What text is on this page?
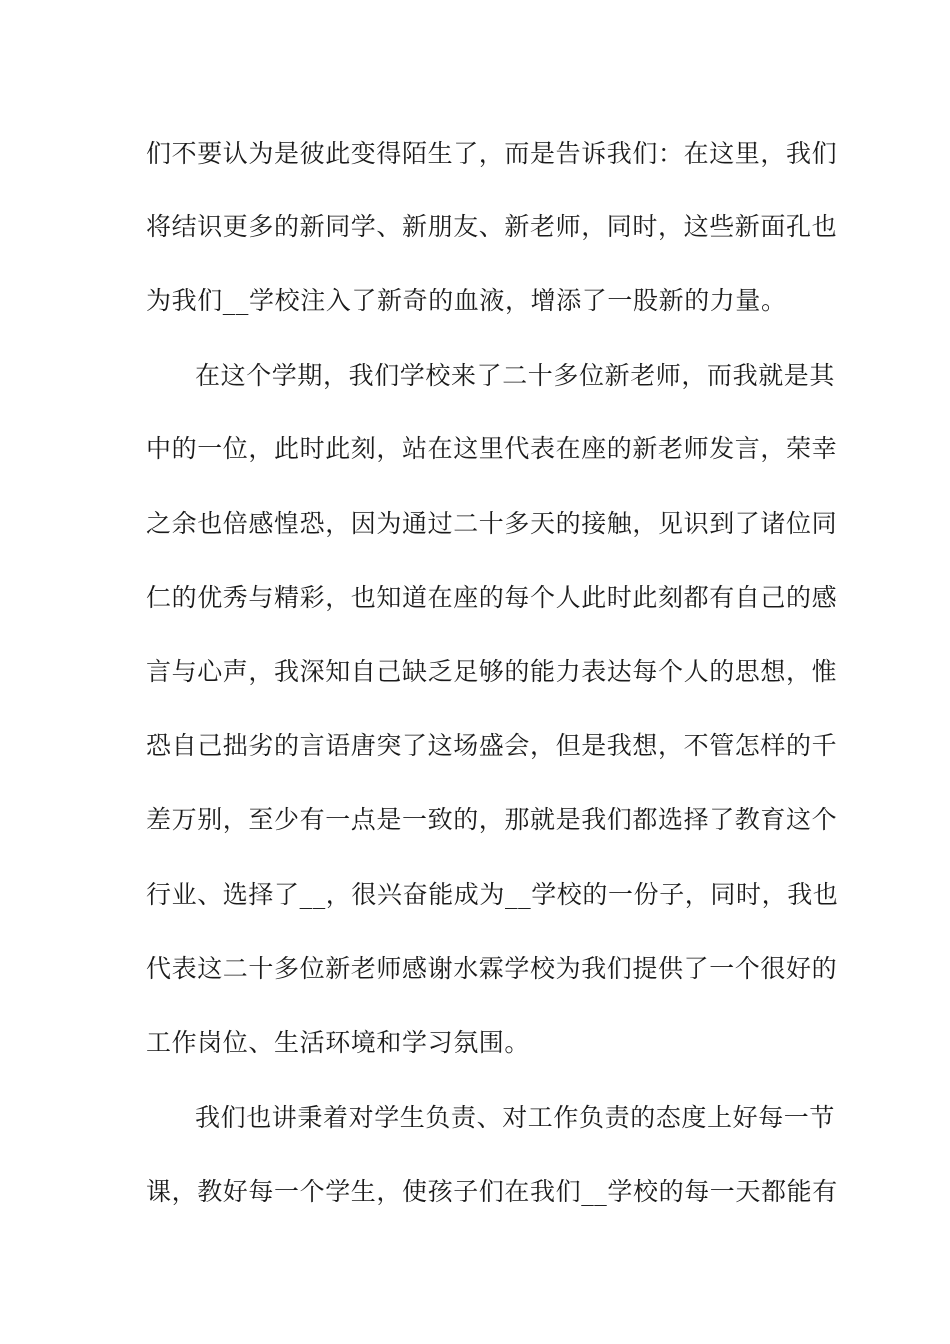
们不要认为是彼此变得陌生了，而是告诉我们：在这里，我们
将结识更多的新同学、新朋友、新老师，同时，这些新面孔也
为我们__学校注入了新奇的血液，增添了一股新的力量。
在这个学期，我们学校来了二十多位新老师，而我就是其
中的一位，此时此刻，站在这里代表在座的新老师发言，荣幸
之余也倍感惶恐，因为通过二十多天的接触，见识到了诸位同
仁的优秀与精彩，也知道在座的每个人此时此刻都有自己的感
言与心声，我深知自己缺乏足够的能力表达每个人的思想，惟
恐自己拙劣的言语唐突了这场盛会，但是我想，不管怎样的千
差万别，至少有一点是一致的，那就是我们都选择了教育这个
行业、选择了__，很兴奋能成为__学校的一份子，同时，我也
代表这二十多位新老师感谢水霖学校为我们提供了一个很好的
工作岗位、生活环境和学习氛围。
我们也讲秉着对学生负责、对工作负责的态度上好每一节
课，教好每一个学生，使孩子们在我们__学校的每一天都能有
